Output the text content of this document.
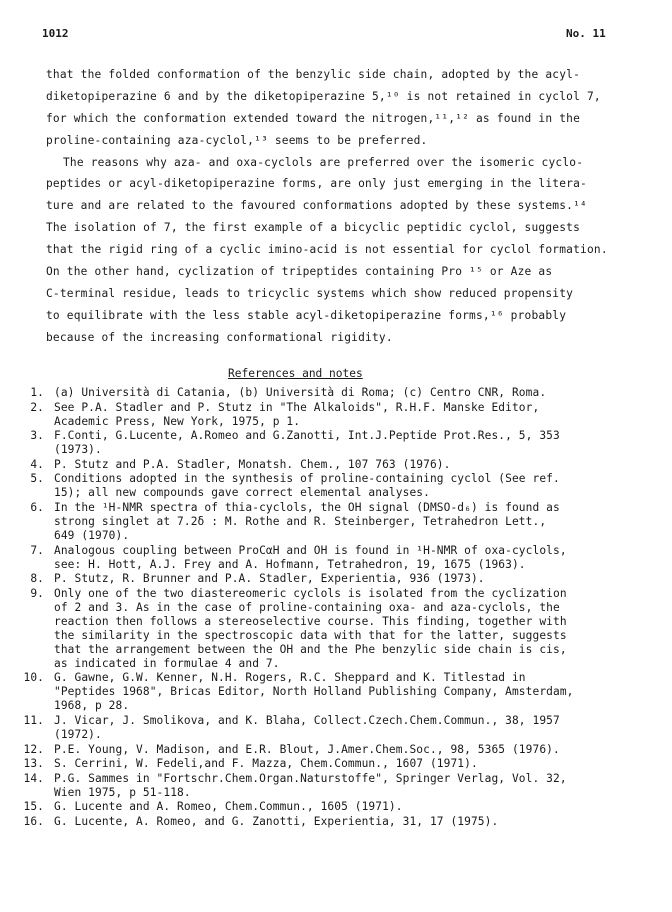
1012	No. 11
that the folded conformation of the benzylic side chain, adopted by the acyl-
diketopiperazine 6 and by the diketopiperazine 5,¹⁰ is not retained in cyclol 7,
for which the conformation extended toward the nitrogen,¹¹,¹² as found in the
proline-containing aza-cyclol,¹³ seems to be preferred.
The reasons why aza- and oxa-cyclols are preferred over the isomeric cyclo-
peptides or acyl-diketopiperazine forms, are only just emerging in the litera-
ture and are related to the favoured conformations adopted by these systems.¹⁴
The isolation of 7, the first example of a bicyclic peptidic cyclol, suggests
that the rigid ring of a cyclic imino-acid is not essential for cyclol formation.
On the other hand, cyclization of tripeptides containing Pro ¹⁵ or Aze as
C-terminal residue, leads to tricyclic systems which show reduced propensity
to equilibrate with the less stable acyl-diketopiperazine forms,¹⁶ probably
because of the increasing conformational rigidity.
References and notes
1. (a) Università di Catania, (b) Università di Roma; (c) Centro CNR, Roma.
2. See P.A. Stadler and P. Stutz in "The Alkaloids", R.H.F. Manske Editor,
Academic Press, New York, 1975, p 1.
3. F.Conti, G.Lucente, A.Romeo and G.Zanotti, Int.J.Peptide Prot.Res., 5, 353
(1973).
4. P. Stutz and P.A. Stadler, Monatsh. Chem., 107 763 (1976).
5. Conditions adopted in the synthesis of proline-containing cyclol (See ref.
15); all new compounds gave correct elemental analyses.
6. In the ¹H-NMR spectra of thia-cyclols, the OH signal (DMSO-d₆) is found as
strong singlet at 7.2δ : M. Rothe and R. Steinberger, Tetrahedron Lett.,
649 (1970).
7. Analogous coupling between ProCαH and OH is found in ¹H-NMR of oxa-cyclols,
see: H. Hott, A.J. Frey and A. Hofmann, Tetrahedron, 19, 1675 (1963).
8. P. Stutz, R. Brunner and P.A. Stadler, Experientia, 936 (1973).
9. Only one of the two diastereomeric cyclols is isolated from the cyclization
of 2 and 3. As in the case of proline-containing oxa- and aza-cyclols, the
reaction then follows a stereoselective course. This finding, together with
the similarity in the spectroscopic data with that for the latter, suggests
that the arrangement between the OH and the Phe benzylic side chain is cis,
as indicated in formulae 4 and 7.
10. G. Gawne, G.W. Kenner, N.H. Rogers, R.C. Sheppard and K. Titlestad in
"Peptides 1968", Bricas Editor, North Holland Publishing Company, Amsterdam,
1968, p 28.
11. J. Vicar, J. Smolikova, and K. Blaha, Collect.Czech.Chem.Commun., 38, 1957
(1972).
12. P.E. Young, V. Madison, and E.R. Blout, J.Amer.Chem.Soc., 98, 5365 (1976).
13. S. Cerrini, W. Fedeli,and F. Mazza, Chem.Commun., 1607 (1971).
14. P.G. Sammes in "Fortschr.Chem.Organ.Naturstoffe", Springer Verlag, Vol. 32,
Wien 1975, p 51-118.
15. G. Lucente and A. Romeo, Chem.Commun., 1605 (1971).
16. G. Lucente, A. Romeo, and G. Zanotti, Experientia, 31, 17 (1975).
